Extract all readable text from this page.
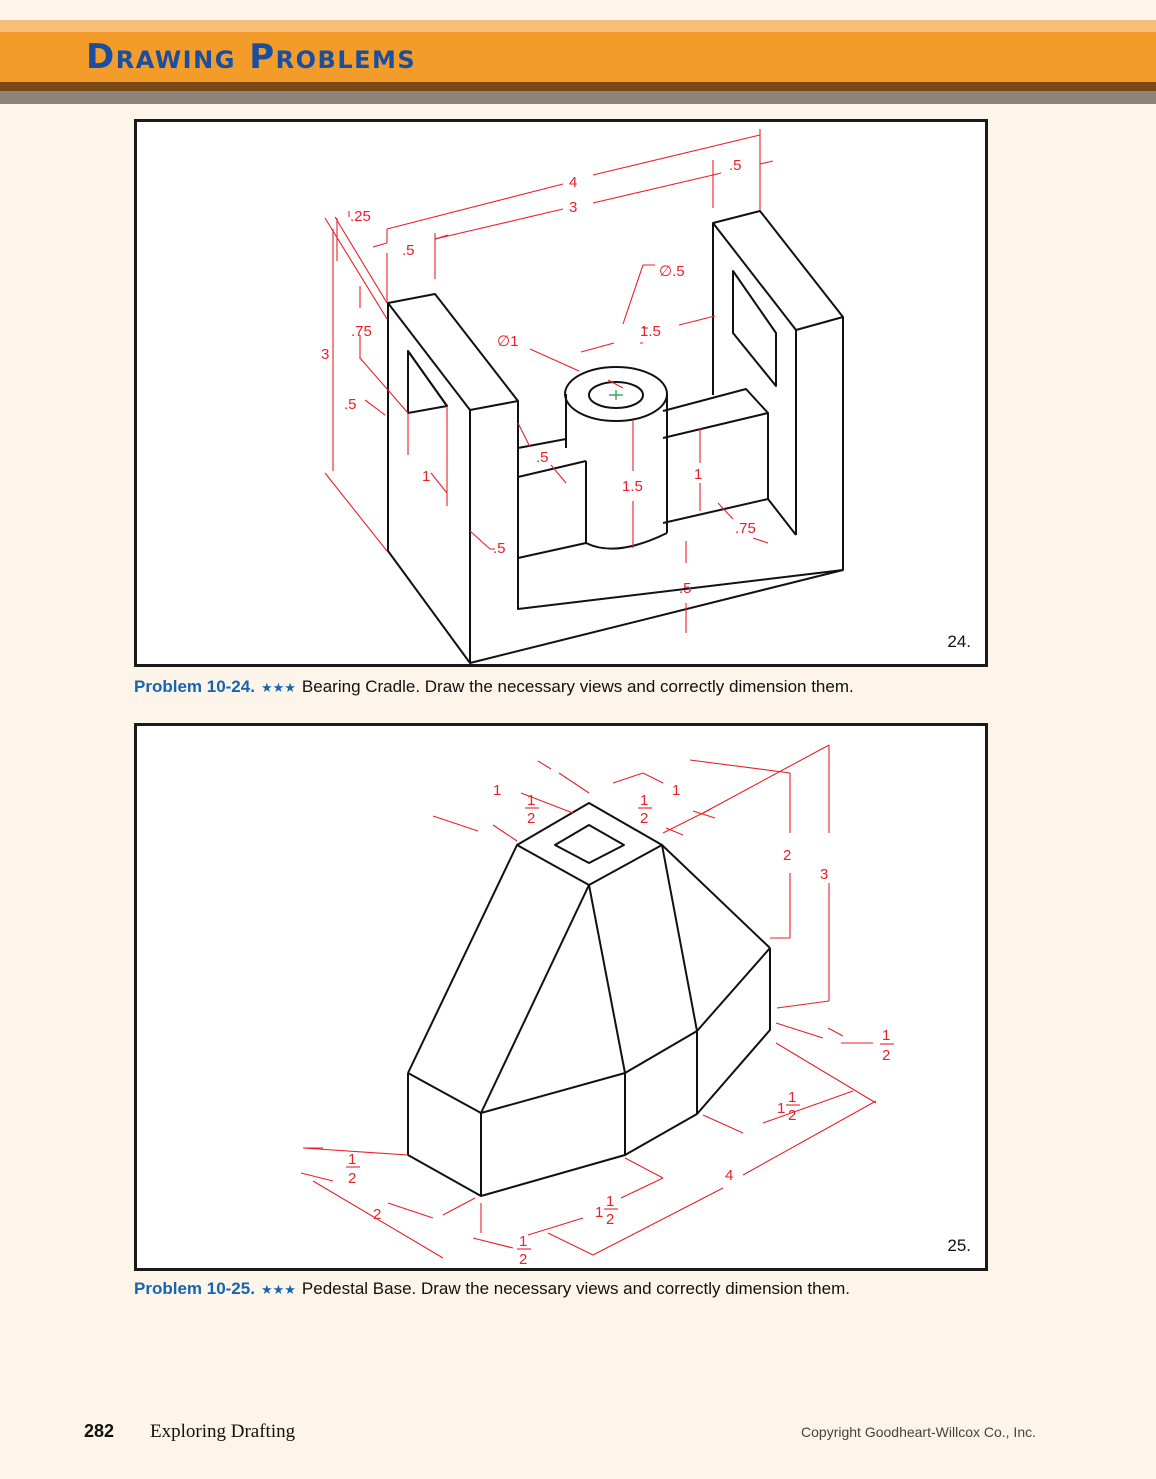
Drawing Problems
4
.5
3
.25
.5
∅.5
∅1
1.5
.75
3
.5
.5
1
1.5
1
.75
.5
.5
24.
Problem 10-24. ★★★ Bearing Cradle. Draw the necessary views and correctly dimension them.
1
1
2
1
2
1
2
3
1
2
1
1
2
4
1
2
2	1
1
2
1
2
25.
Problem 10-25. ★★★ Pedestal Base. Draw the necessary views and correctly dimension them.
282 Exploring Drafting	Copyright Goodheart-Willcox Co., Inc.
